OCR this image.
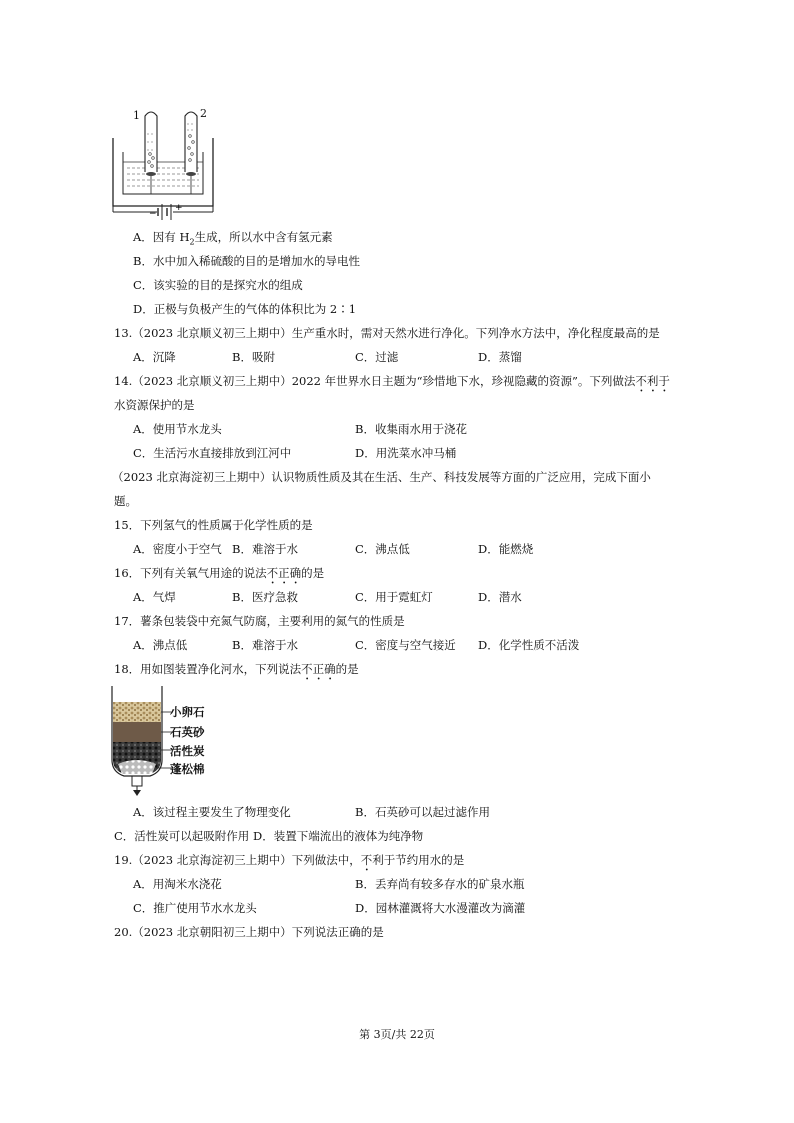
−
+
1	2
A．因有 $H_2$生成，所以水中含有氢元素
B．水中加入稀硫酸的目的是增加水的导电性
C．该实验的目的是探究水的组成
D．正极与负极产生的气体的体积比为 2∶1
13.（2023 北京顺义初三上期中）生产重水时，需对天然水进行净化。下列净水方法中，净化程度最高的是
A．沉降	B．吸附	C．过滤	D．蒸馏
14.（2023 北京顺义初三上期中）2022 年世界水日主题为“珍惜地下水，珍视隐藏的资源”。下列做法不利于
水资源保护的是
A．使用节水龙头	B．收集雨水用于浇花
C．生活污水直接排放到江河中	D．用洗菜水冲马桶
（2023 北京海淀初三上期中）认识物质性质及其在生活、生产、科技发展等方面的广泛应用，完成下面小
题。
15．下列氢气的性质属于化学性质的是
A．密度小于空气 B．难溶于水	C．沸点低	D．能燃烧
16．下列有关氧气用途的说法不正确的是
A．气焊	B．医疗急救	C．用于霓虹灯	D．潜水
17．薯条包装袋中充氮气防腐，主要利用的氮气的性质是
A．沸点低	B．难溶于水	C．密度与空气接近 D．化学性质不活泼
18．用如图装置净化河水，下列说法不正确的是
小卵石
石英砂
活性炭
蓬松棉
A．该过程主要发生了物理变化	B．石英砂可以起过滤作用
C．活性炭可以起吸附作用 D．装置下端流出的液体为纯净物
19.（2023 北京海淀初三上期中）下列做法中，不利于节约用水的是
A．用淘米水浇花	B．丢弃尚有较多存水的矿泉水瓶
C．推广使用节水水龙头	D．园林灌溉将大水漫灌改为滴灌
20.（2023 北京朝阳初三上期中）下列说法正确的是
第 3页/共 22页
